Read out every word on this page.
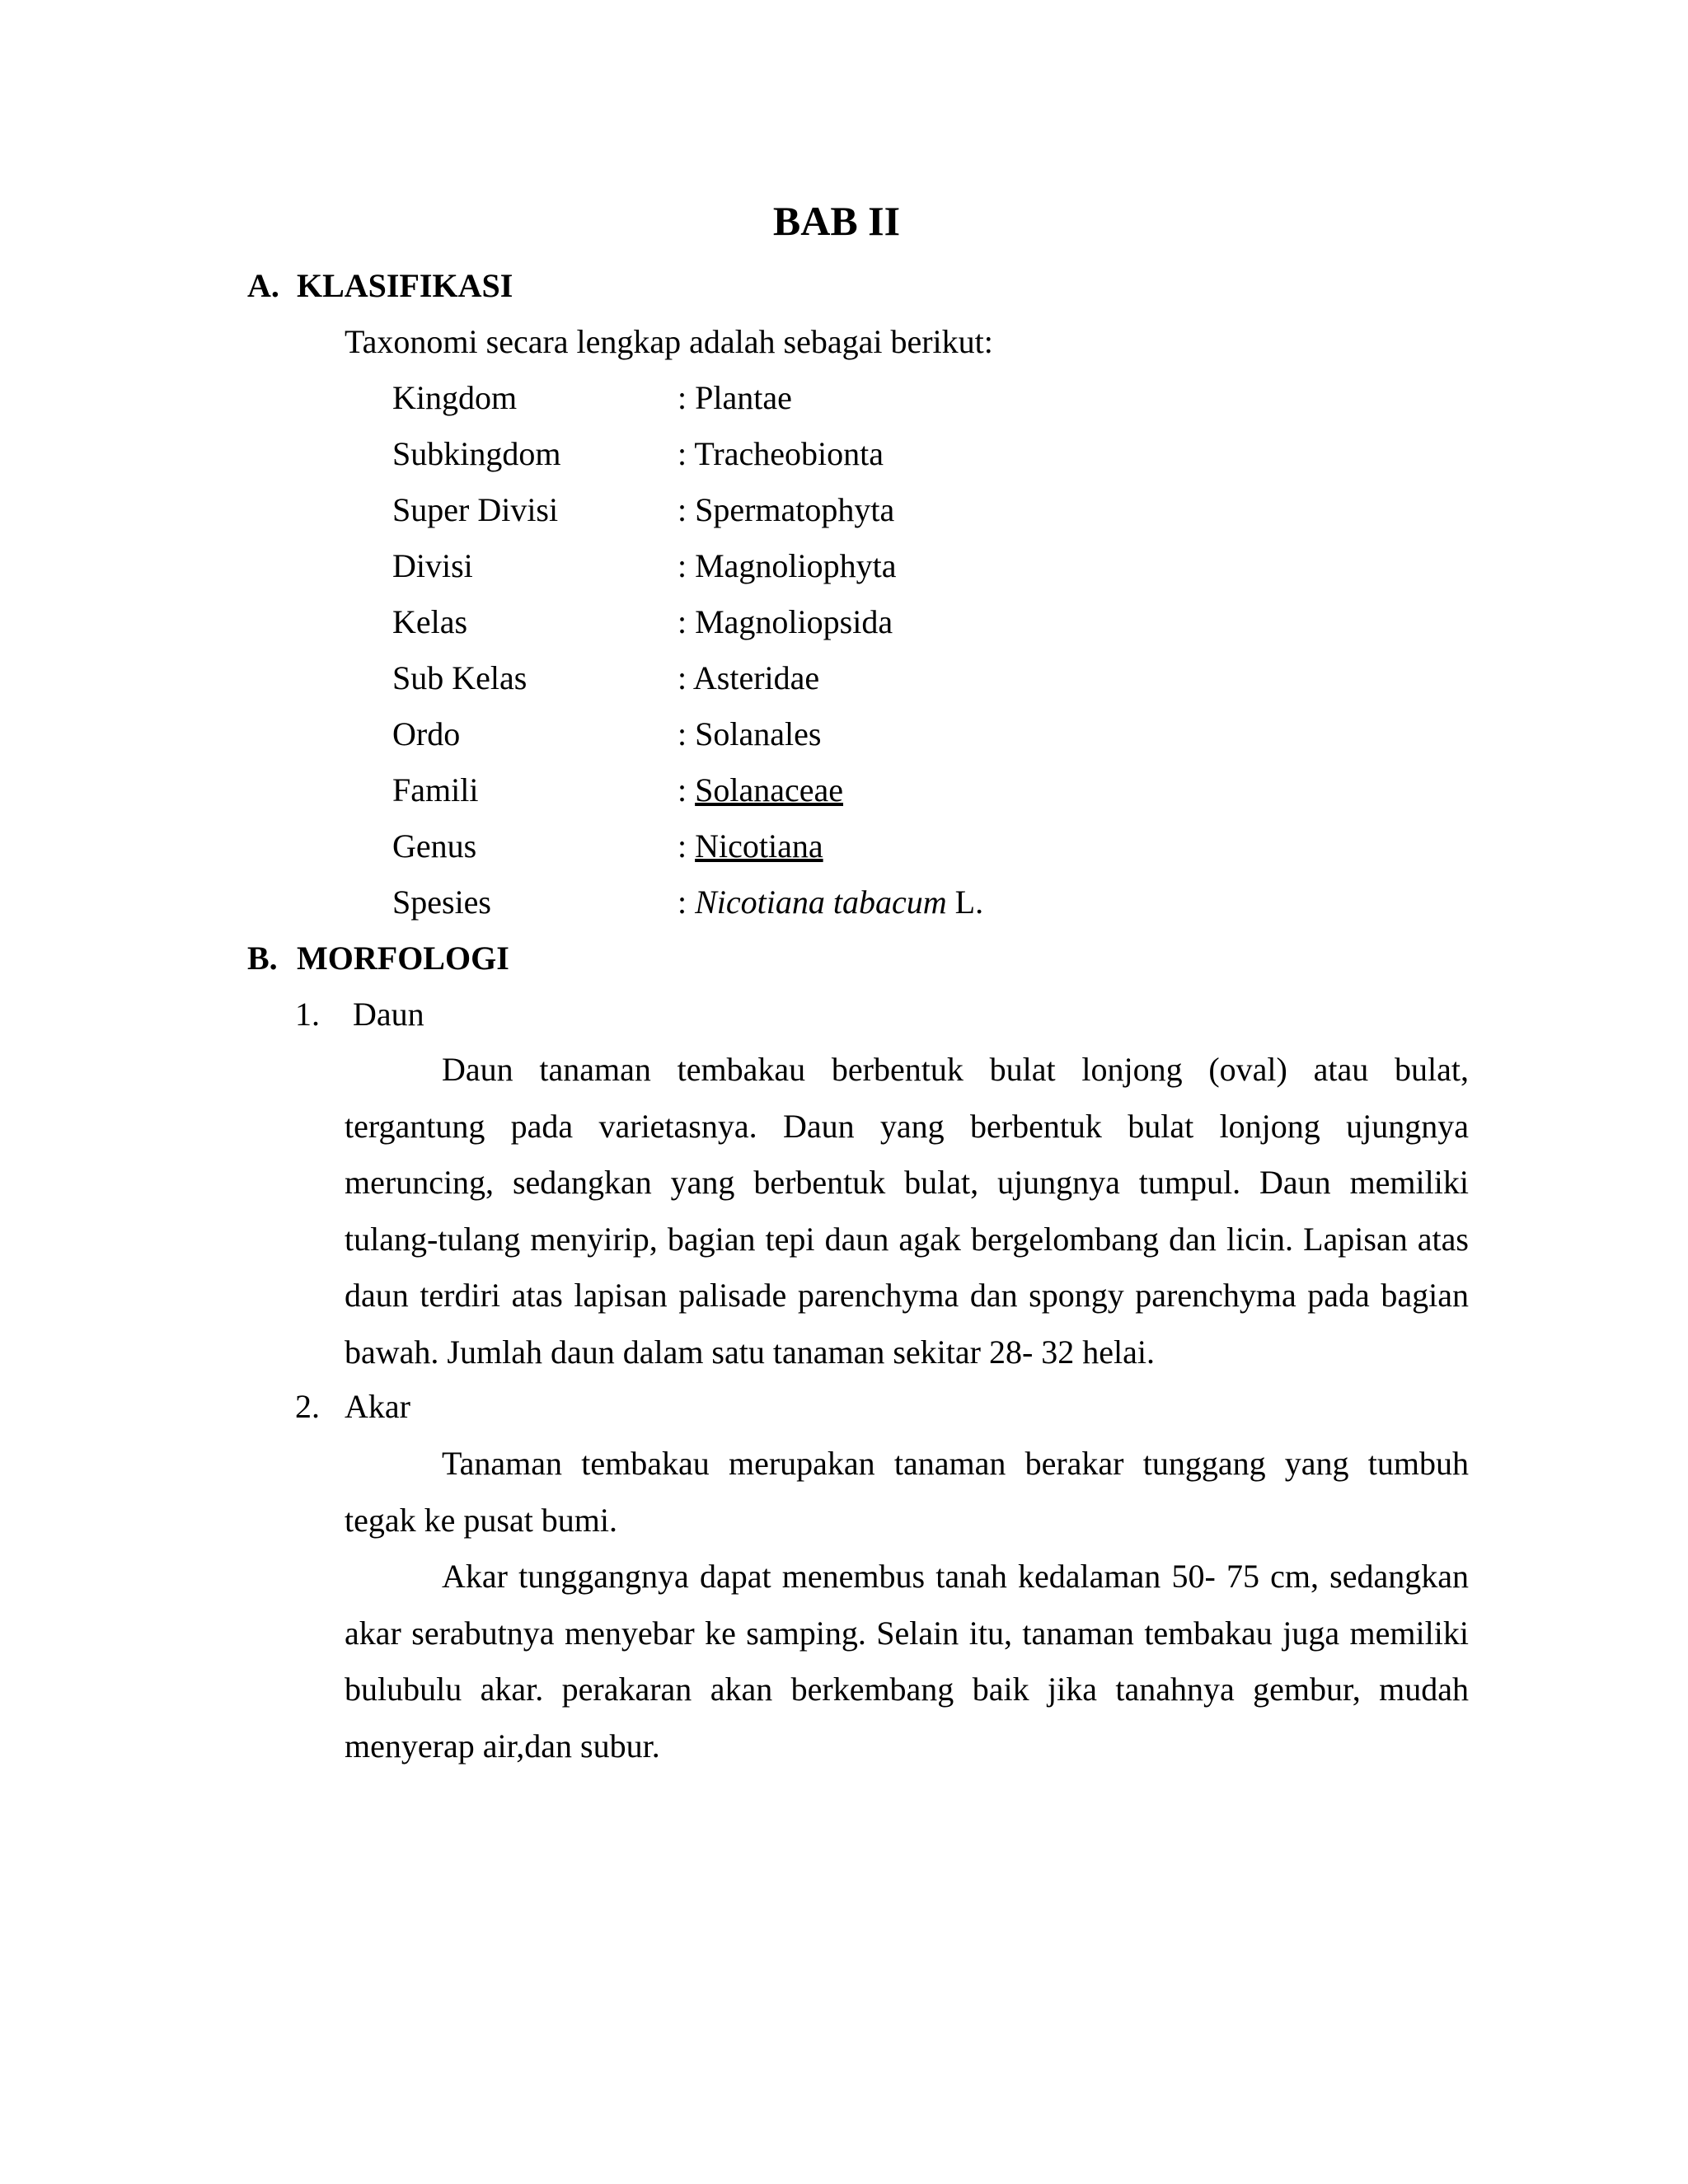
BAB II
A. KLASIFIKASI
Taxonomi secara lengkap adalah sebagai berikut:
Kingdom	: Plantae
Subkingdom	: Tracheobionta
Super Divisi	: Spermatophyta
Divisi	: Magnoliophyta
Kelas	: Magnoliopsida
Sub Kelas	: Asteridae
Ordo	: Solanales
Famili	: Solanaceae
Genus	: Nicotiana
Spesies	: Nicotiana tabacum L.
B. MORFOLOGI
1. Daun

Daun tanaman tembakau berbentuk bulat lonjong (oval) atau bulat, tergantung pada varietasnya. Daun yang berbentuk bulat lonjong ujungnya meruncing, sedangkan yang berbentuk bulat, ujungnya tumpul. Daun memiliki tulang-tulang menyirip, bagian tepi daun agak bergelombang dan licin. Lapisan atas daun terdiri atas lapisan palisade parenchyma dan spongy parenchyma pada bagian bawah. Jumlah daun dalam satu tanaman sekitar 28- 32 helai.

2. Akar

Tanaman tembakau merupakan tanaman berakar tunggang yang tumbuh tegak ke pusat bumi.

Akar tunggangnya dapat menembus tanah kedalaman 50- 75 cm, sedangkan akar serabutnya menyebar ke samping. Selain itu, tanaman tembakau juga memiliki bulubulu akar. perakaran akan berkembang baik jika tanahnya gembur, mudah menyerap air,dan subur.
